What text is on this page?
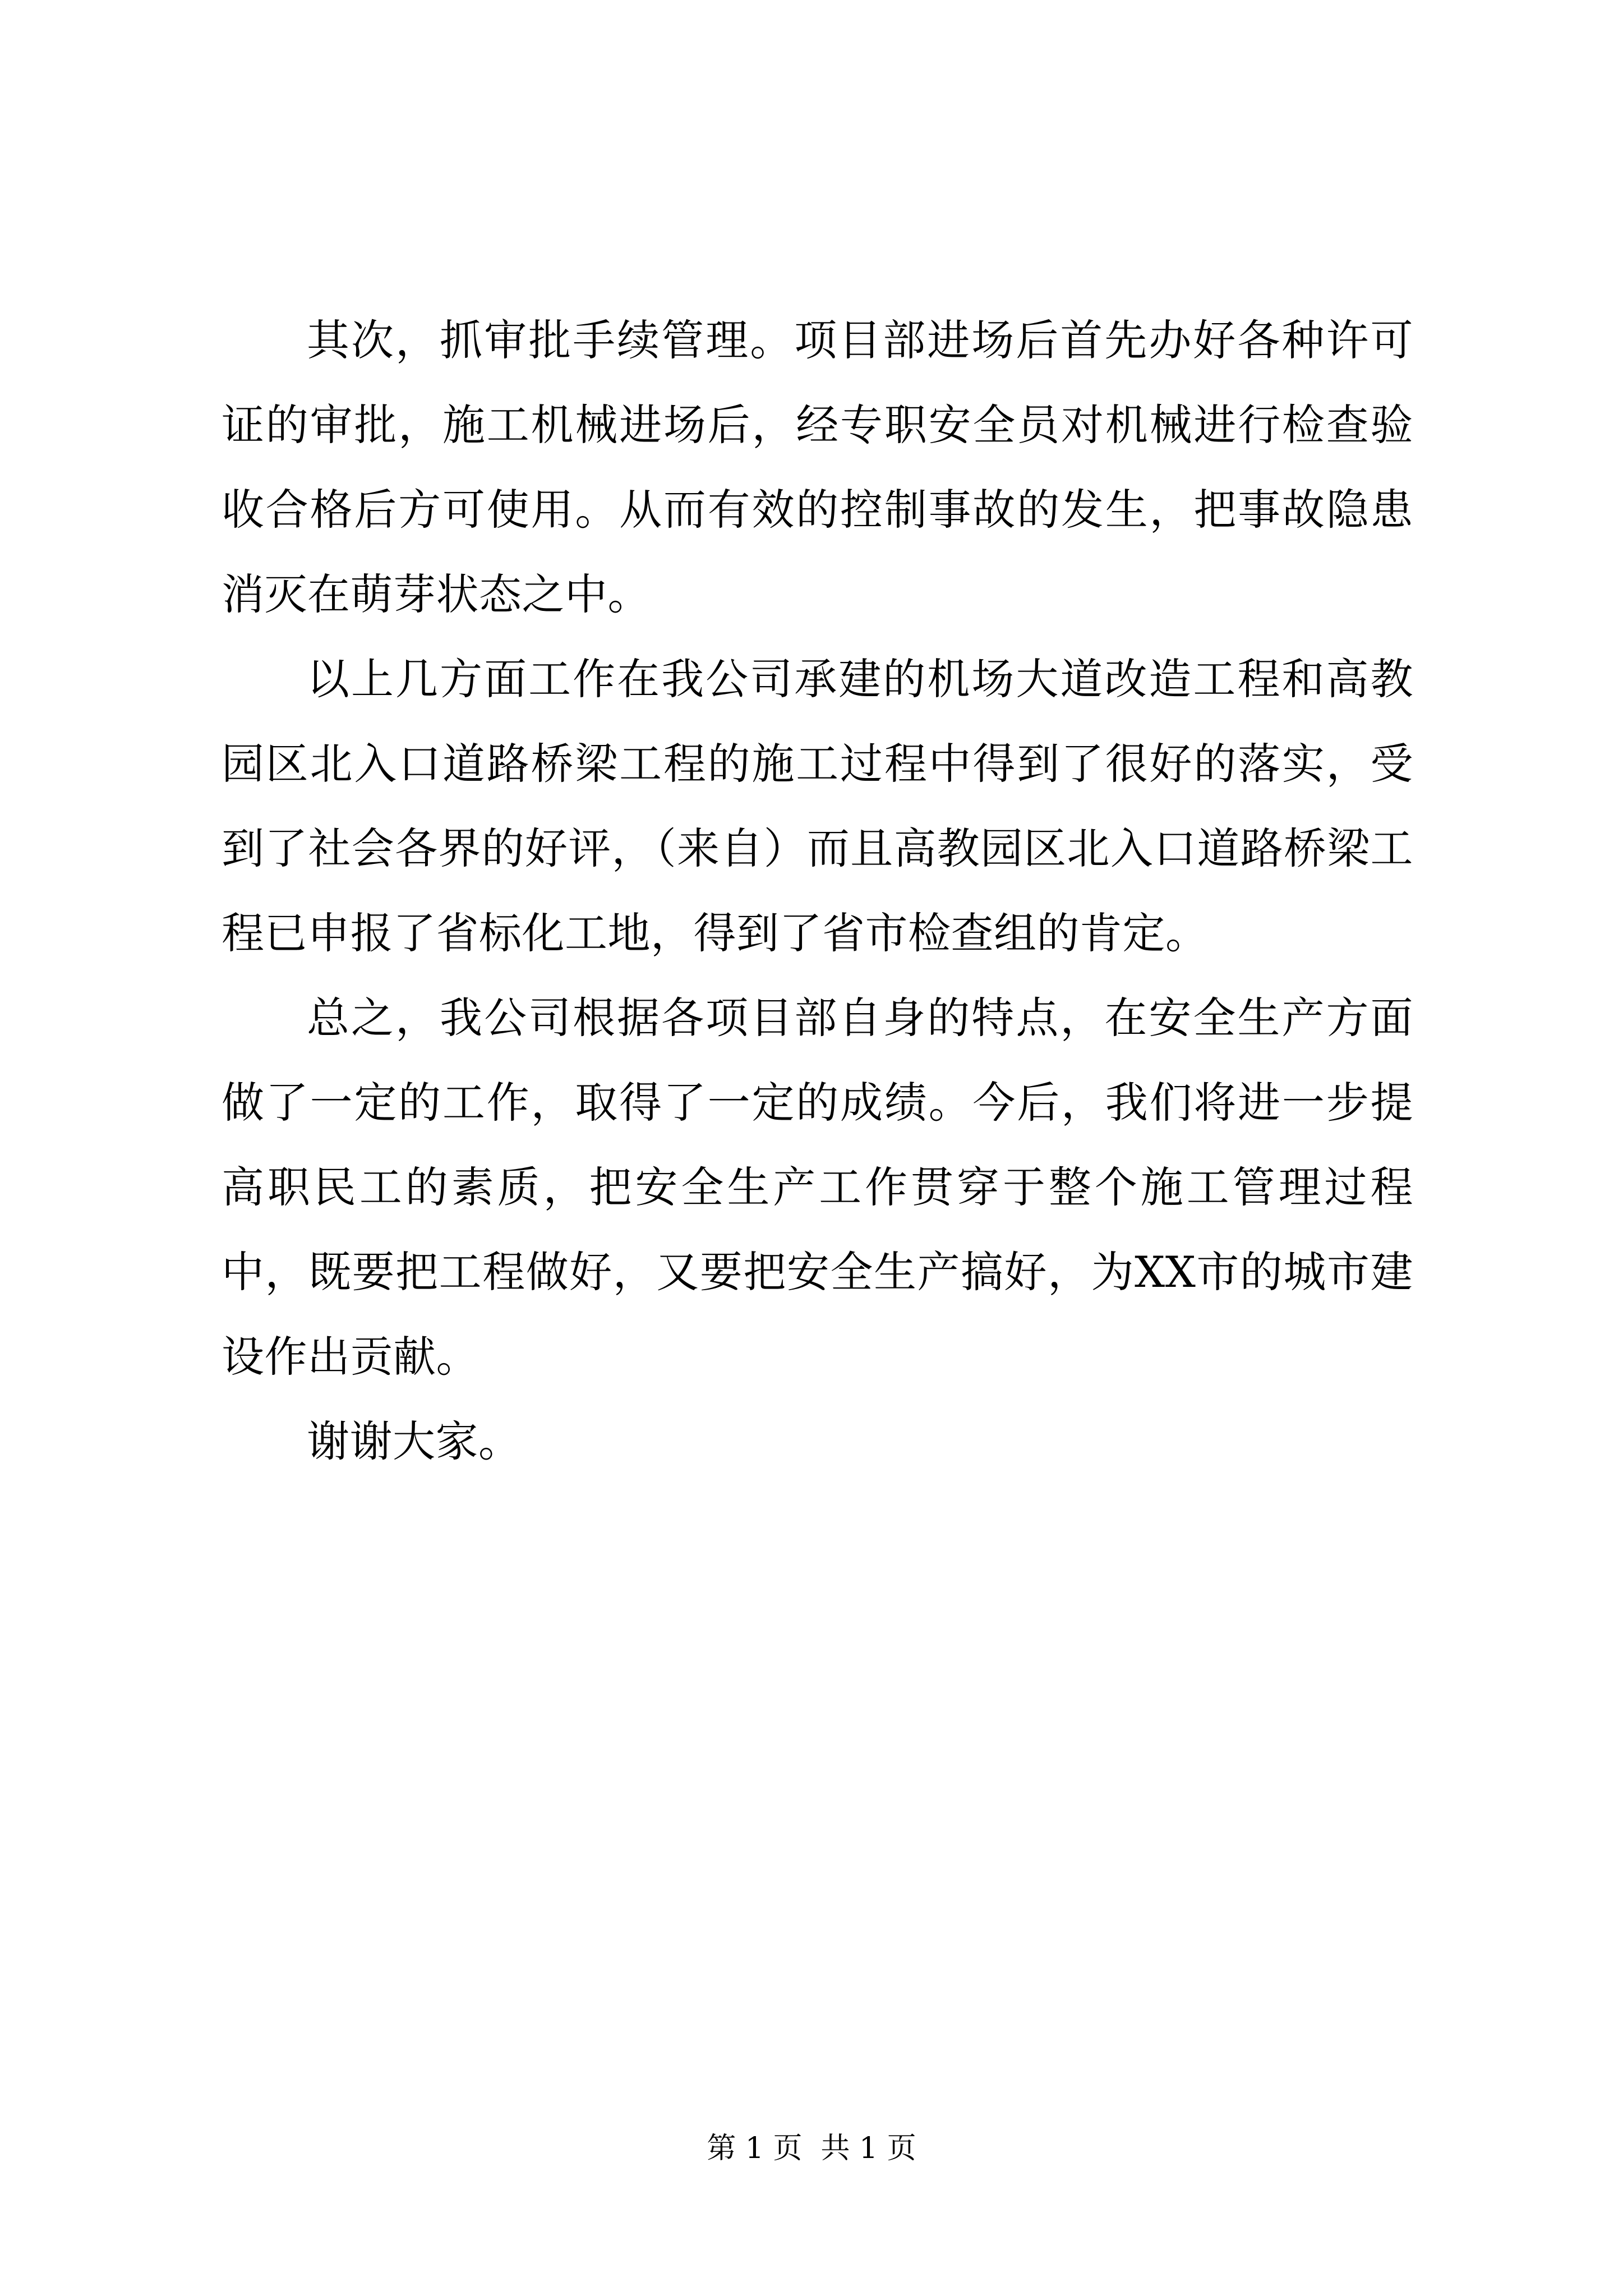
其次，抓审批手续管理。项目部进场后首先办好各种许可证的审批，施工机械进场后，经专职安全员对机械进行检查验收合格后方可使用。从而有效的控制事故的发生，把事故隐患消灭在萌芽状态之中。

以上几方面工作在我公司承建的机场大道改造工程和高教园区北入口道路桥梁工程的施工过程中得到了很好的落实，受到了社会各界的好评，（来自）而且高教园区北入口道路桥梁工程已申报了省标化工地，得到了省市检查组的肯定。

总之，我公司根据各项目部自身的特点，在安全生产方面做了一定的工作，取得了一定的成绩。今后，我们将进一步提高职民工的素质，把安全生产工作贯穿于整个施工管理过程中，既要把工程做好，又要把安全生产搞好，为XX市的城市建设作出贡献。

谢谢大家。

第 1 页  共 1 页
